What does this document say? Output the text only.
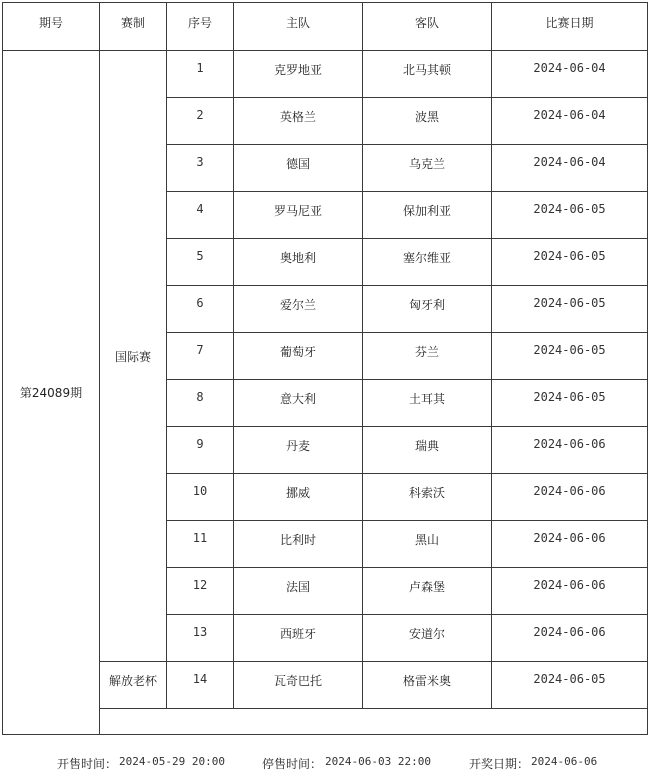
期号	赛制	序号	主队	客队	比赛日期
第24089期	国际赛	1	克罗地亚	北马其顿	2024-06-04
		2	英格兰	波黑	2024-06-04
		3	德国	乌克兰	2024-06-04
		4	罗马尼亚	保加利亚	2024-06-05
		5	奥地利	塞尔维亚	2024-06-05
		6	爱尔兰	匈牙利	2024-06-05
		7	葡萄牙	芬兰	2024-06-05
		8	意大利	土耳其	2024-06-05
		9	丹麦	瑞典	2024-06-06
		10	挪威	科索沃	2024-06-06
		11	比利时	黑山	2024-06-06
		12	法国	卢森堡	2024-06-06
		13	西班牙	安道尔	2024-06-06
	解放老杯	14	瓦奇巴托	格雷米奥	2024-06-05

开售时间： 2024-05-29 20:00	停售时间： 2024-06-03 22:00	开奖日期： 2024-06-06
